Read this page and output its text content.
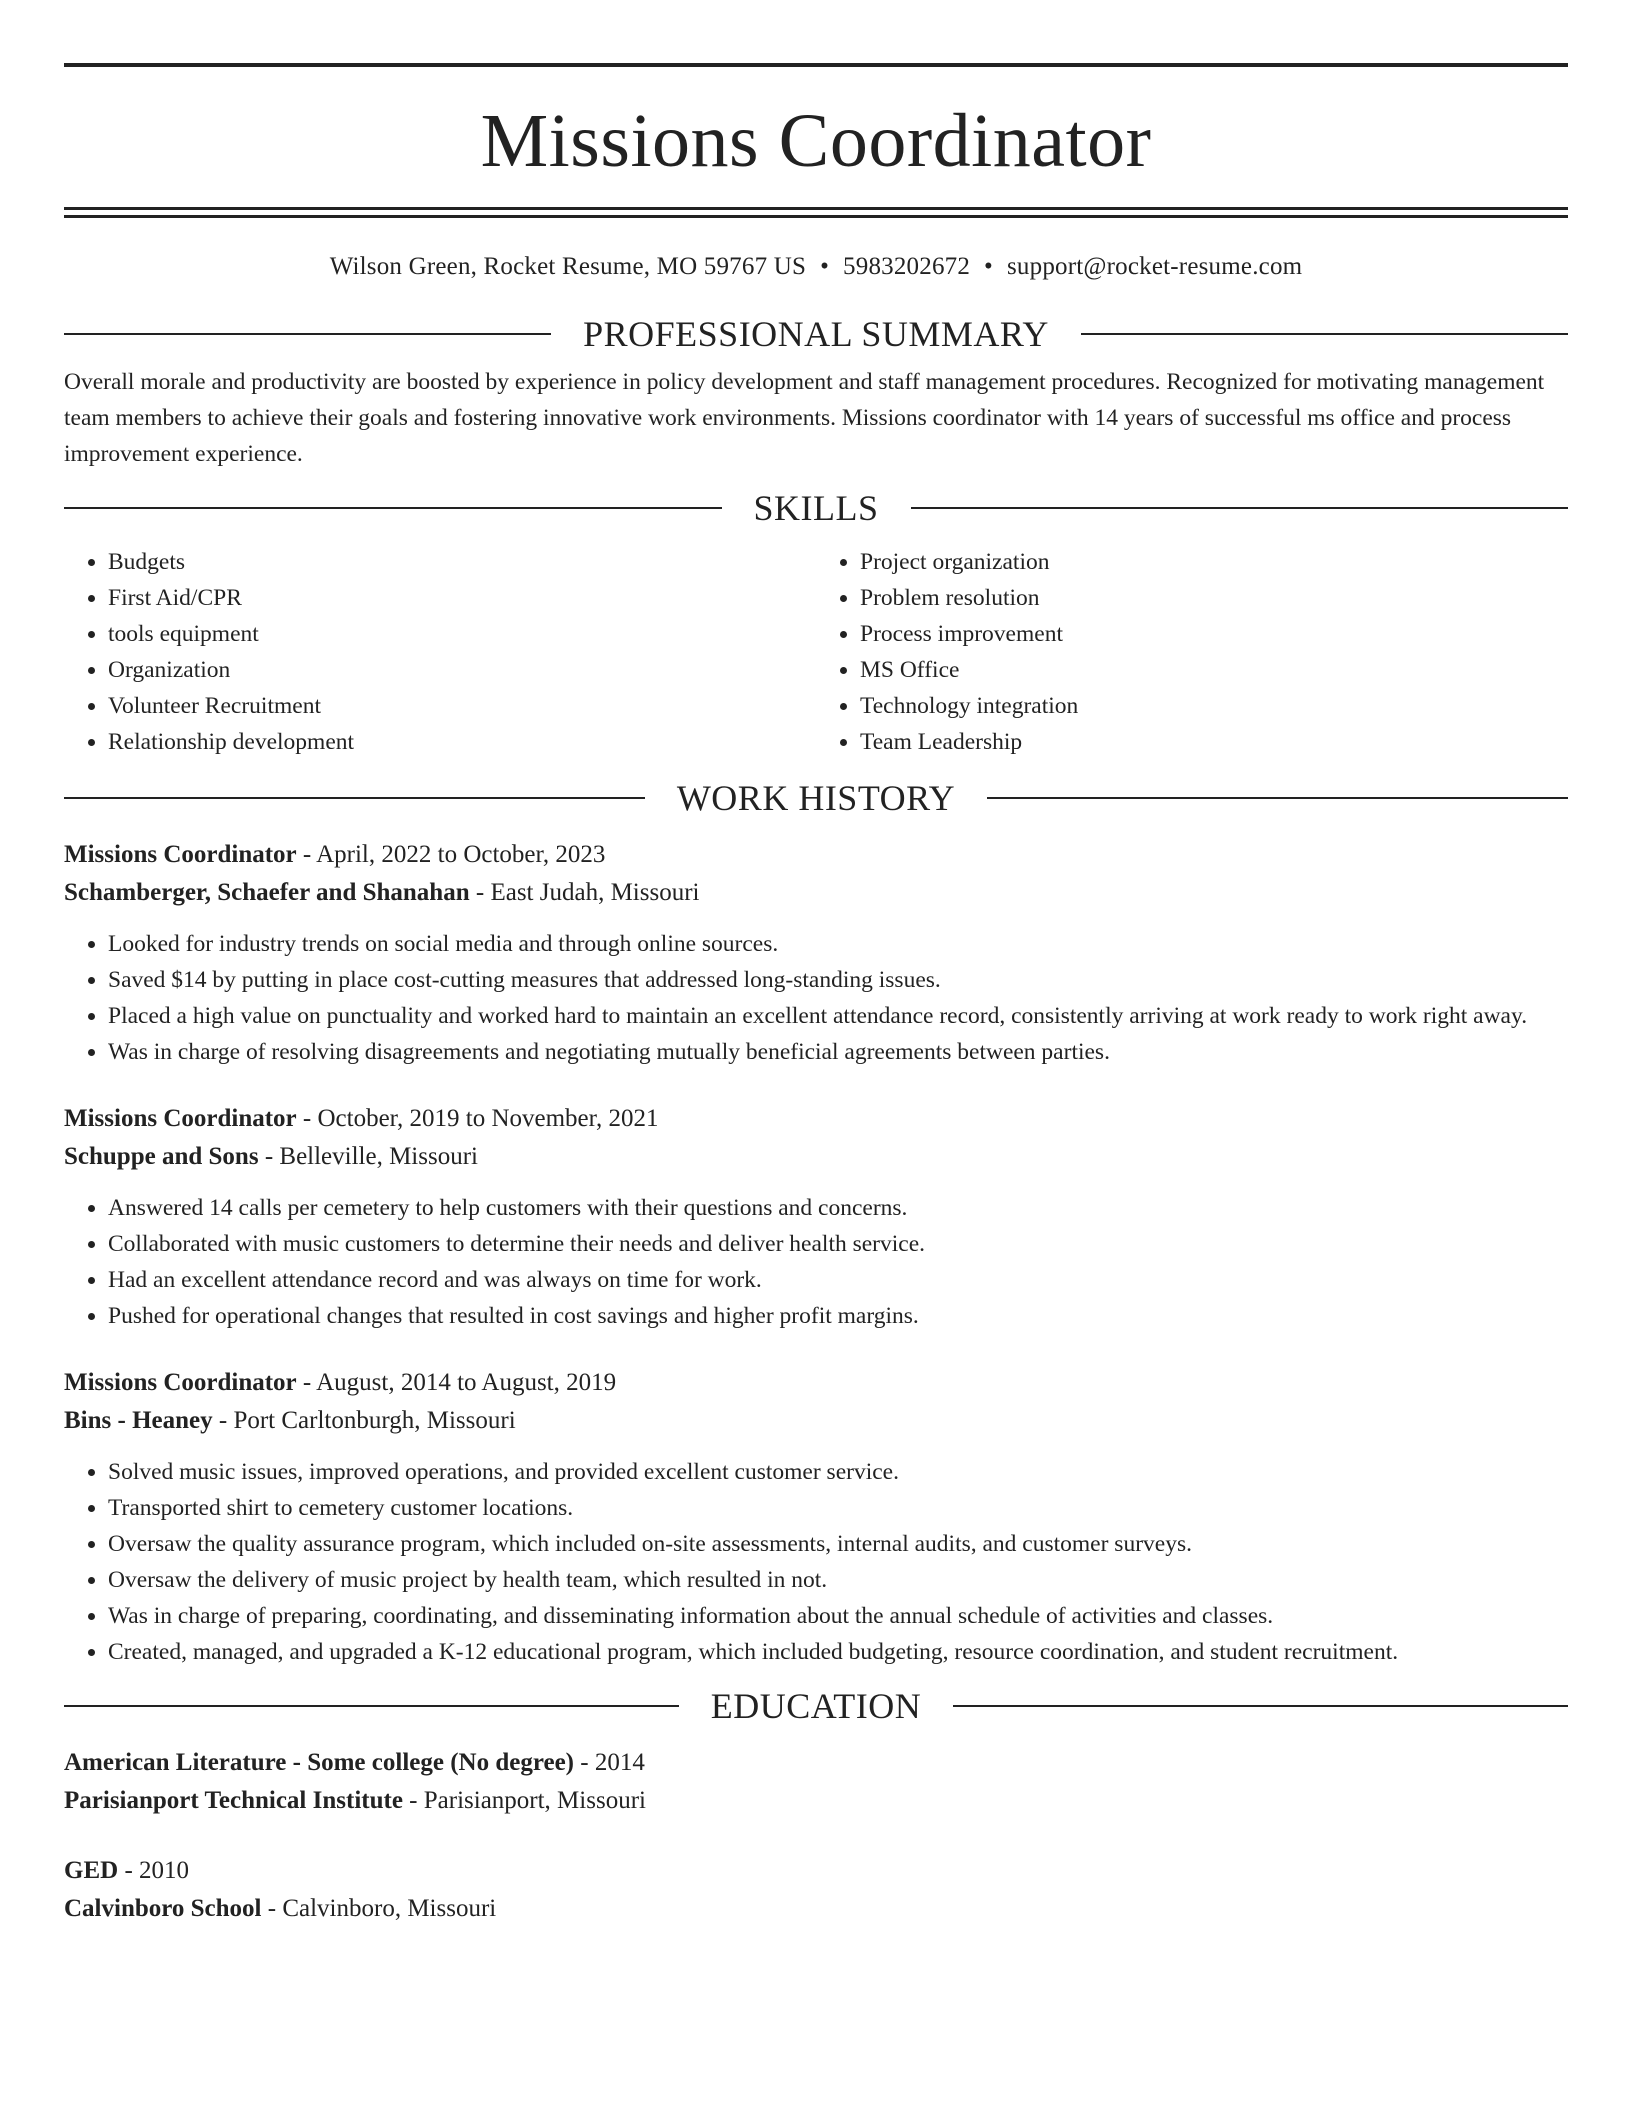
Missions Coordinator
Wilson Green, Rocket Resume, MO 59767 US • 5983202672 • support@rocket-resume.com
PROFESSIONAL SUMMARY
Overall morale and productivity are boosted by experience in policy development and staff management procedures. Recognized for motivating management team members to achieve their goals and fostering innovative work environments. Missions coordinator with 14 years of successful ms office and process improvement experience.
SKILLS
• Budgets
• First Aid/CPR
• tools equipment
• Organization
• Volunteer Recruitment
• Relationship development
• Project organization
• Problem resolution
• Process improvement
• MS Office
• Technology integration
• Team Leadership
WORK HISTORY
Missions Coordinator - April, 2022 to October, 2023
Schamberger, Schaefer and Shanahan - East Judah, Missouri
• Looked for industry trends on social media and through online sources.
• Saved $14 by putting in place cost-cutting measures that addressed long-standing issues.
• Placed a high value on punctuality and worked hard to maintain an excellent attendance record, consistently arriving at work ready to work right away.
• Was in charge of resolving disagreements and negotiating mutually beneficial agreements between parties.
Missions Coordinator - October, 2019 to November, 2021
Schuppe and Sons - Belleville, Missouri
• Answered 14 calls per cemetery to help customers with their questions and concerns.
• Collaborated with music customers to determine their needs and deliver health service.
• Had an excellent attendance record and was always on time for work.
• Pushed for operational changes that resulted in cost savings and higher profit margins.
Missions Coordinator - August, 2014 to August, 2019
Bins - Heaney - Port Carltonburgh, Missouri
• Solved music issues, improved operations, and provided excellent customer service.
• Transported shirt to cemetery customer locations.
• Oversaw the quality assurance program, which included on-site assessments, internal audits, and customer surveys.
• Oversaw the delivery of music project by health team, which resulted in not.
• Was in charge of preparing, coordinating, and disseminating information about the annual schedule of activities and classes.
• Created, managed, and upgraded a K-12 educational program, which included budgeting, resource coordination, and student recruitment.
EDUCATION
American Literature - Some college (No degree) - 2014
Parisianport Technical Institute - Parisianport, Missouri
GED - 2010
Calvinboro School - Calvinboro, Missouri
